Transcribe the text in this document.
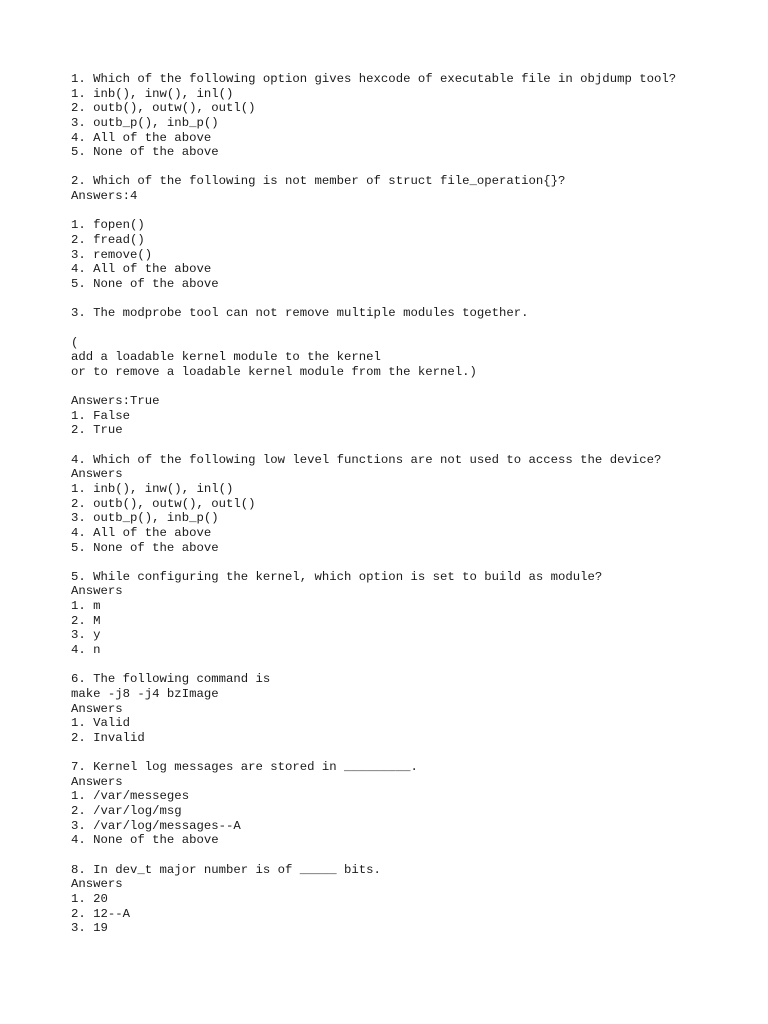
1. Which of the following option gives hexcode of executable file in objdump tool?
1. inb(), inw(), inl()
2. outb(), outw(), outl()
3. outb_p(), inb_p()
4. All of the above
5. None of the above
2. Which of the following is not member of struct file_operation{}?
Answers:4
1. fopen()
2. fread()
3. remove()
4. All of the above
5. None of the above
3. The modprobe tool can not remove multiple modules together.
(
add a loadable kernel module to the kernel
or to remove a loadable kernel module from the kernel.)
Answers:True
1. False
2. True
4. Which of the following low level functions are not used to access the device?
Answers
1. inb(), inw(), inl()
2. outb(), outw(), outl()
3. outb_p(), inb_p()
4. All of the above
5. None of the above
5. While configuring the kernel, which option is set to build as module?
Answers
1. m
2. M
3. y
4. n
6. The following command is
make -j8 -j4 bzImage
Answers
1. Valid
2. Invalid
7. Kernel log messages are stored in _________.
Answers
1. /var/messeges
2. /var/log/msg
3. /var/log/messages--A
4. None of the above
8. In dev_t major number is of _____ bits.
Answers
1. 20
2. 12--A
3. 19
